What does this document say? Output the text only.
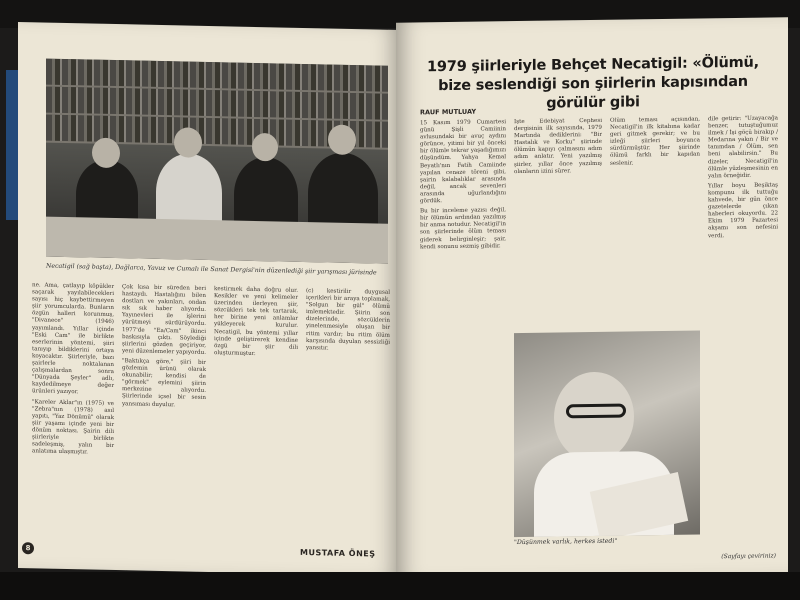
Necatigil (sağ başta), Dağlarca, Yavuz ve Cumalı ile Sanat Dergisi'nin düzenlediği şiir yarışması jürisinde

ne. Ama, çatlayıp köpükler saçarak yayılabilecekleri sayısı hiç kaybettirmeyen şiir yorumcularda. Bunların özgün halleri korunmuş, "Divanece" (1946) yayımlandı. Yıllar içinde "Eski Cam" ile birlikte eserlerinin yöntemi, şiiri tanıyıp bildiklerini ortaya koyacaktır. Şiirleriyle, bazı şairlerle noktalanan çalışmalardan sonra "Dünyada Şeyler" adlı, kaydedilmeye değer ürünleri yazıyor.

"Kareler Aklar"ın (1975) ve "Zebra"nın (1978) asıl yapıtı, "Yaz Dönümü" olarak şiir yaşamı içinde yeni bir dönüm noktası. Şairin dili şiirleriyle birlikte sadeleşmiş, yalın bir anlatıma ulaşmıştır.

Çok kısa bir süreden beri hastaydı. Hastalığını bilen dostları ve yakınları, ondan sık sık haber alıyordu. Yayınevleri ile işlerini yürütmeyi sürdürüyordu. 1977'de "Ea/Cam" ikinci baskısıyla çıktı. Söylediği şiirlerini gözden geçiriyor, yeni düzenlemeler yapıyordu.

"Baktıkça göre," şiiri bir gözlemin ürünü olarak okunabilir; kendisi de "görmek" eylemini şiirin merkezine alıyordu. Şiirlerinde içsel bir sesin yansıması duyulur.

kestirmek daha doğru olur. Kesikler ve yeni kelimeler üzerinden ilerleyen şiir, sözcükleri tek tek tartarak, her birine yeni anlamlar yükleyerek kurulur. Necatigil, bu yöntemi yıllar içinde geliştirerek kendine özgü bir şiir dili oluşturmuştur.

(c) kestirilir duygusal içerikleri bir araya toplamak, "Solgun bir gül" ölümü imlemektedir. Şiirin son dizelerinde, sözcüklerin yinelenmesiyle oluşan bir ritim vardır; bu ritim ölüm karşısında duyulan sessizliği yansıtır.

MUSTAFA ÖNEŞ
8
1979 şiirleriyle Behçet Necatigil: «Ölümü, bize seslendiği son şiirlerin kapısından görülür gibi
RAUF MUTLUAY

15 Kasım 1979 Cumartesi günü Şişli Camiinin avlusundaki bir avuç aydını görünce, yitimi bir yıl önceki bir ölümle tekrar yaşadığımızı düşündüm. Yahya Kemal Beyatlı'nın Fatih Camiinde yapılan cenaze töreni gibi, şairin kalabalıklar arasında değil, ancak sevenleri arasında uğurlandığını gördük.

Bu bir inceleme yazısı değil, bir ölümün ardından yazılmış bir anma notudur. Necatigil'in son şiirlerinde ölüm teması giderek belirginleşir; şair, kendi sonunu sezmiş gibidir.

İşte Edebiyat Cephesi dergisinin ilk sayısında, 1979 Martında dediklerini: "Bir Hastalık ve Korku" şiirinde ölümün kapıyı çalmasını adım adım anlatır. Yeni yazılmış şiirler, yıllar önce yazılmış olanların izini sürer.

Ölüm teması açısından, Necatigil'in ilk kitabına kadar geri gitmek gerekir; ve bu izleği şiirleri boyunca sürdürmüştür. Her şiirinde ölümü farklı bir kapıdan seslenir.

dile getirir: "Uzayacağa benzer, tutuştuğumuz ilmek / İşi göçü birakıp / Medarına yakın / Bir ve tanımdan / Ölüm, sen beni alabilirsin." Bu dizeler, Necatigil'in ölümle yüzleşmesinin en yalın örneğidir.

Yıllar boyu Beşiktaş kompunu ilk tuttuğu kahvede, bir gün önce gazetelerde çıkan haberleri okuyordu. 22 Ekim 1979 Pazartesi akşamı son nefesini verdi.

"Düşünmek varlık, herkes istedi"
(Sayfayı çeviriniz)
